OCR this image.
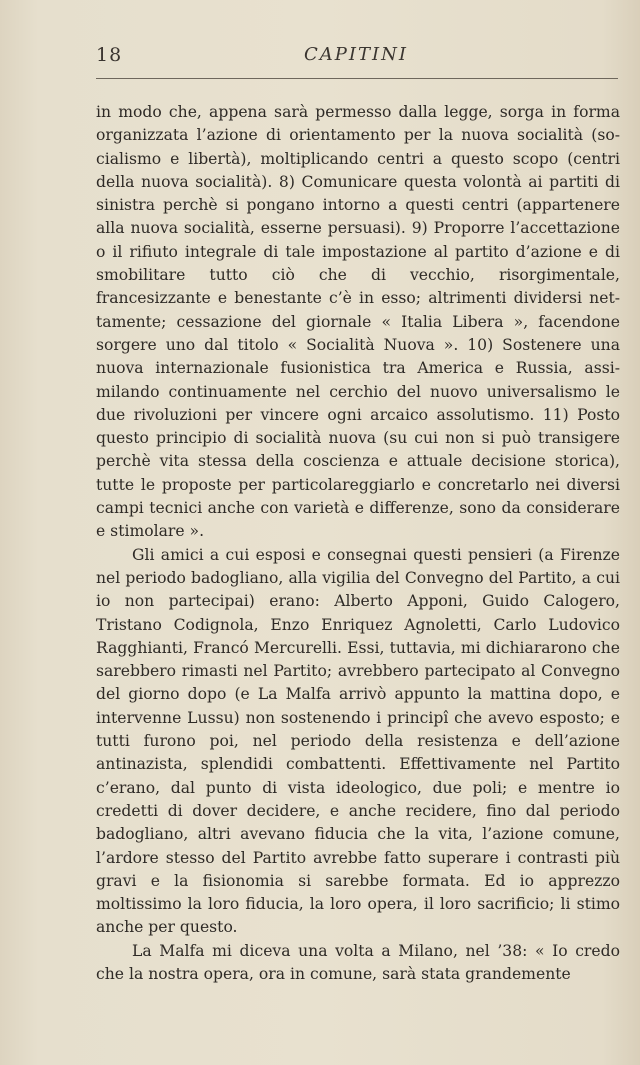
18	CAPITINI

in modo che, appena sarà permesso dalla legge, sorga in forma organizzata l’azione di orientamento per la nuova socialità (socialismo e libertà), moltiplicando centri a questo scopo (centri della nuova socialità). 8) Comunicare questa volontà ai partiti di sinistra perchè si pongano intorno a questi centri (appartenere alla nuova socialità, esserne persuasi). 9) Proporre l’accettazione o il rifiuto integrale di tale impostazione al partito d’azione e di smobilitare tutto ciò che di vecchio, risorgimentale, francesizzante e benestante c’è in esso; altrimenti dividersi nettamente; cessazione del giornale « Italia Libera », facendone sorgere uno dal titolo « Socialità Nuova ». 10) Sostenere una nuova internazionale fusionistica tra America e Russia, assimilando continuamente nel cerchio del nuovo universalismo le due rivoluzioni per vincere ogni arcaico assolutismo. 11) Posto questo principio di socialità nuova (su cui non si può transigere perchè vita stessa della coscienza e attuale decisione storica), tutte le proposte per particolareggiarlo e concretarlo nei diversi campi tecnici anche con varietà e differenze, sono da considerare e stimolare ».

Gli amici a cui esposi e consegnai questi pensieri (a Firenze nel periodo badogliano, alla vigilia del Convegno del Partito, a cui io non partecipai) erano: Alberto Apponi, Guido Calogero, Tristano Codignola, Enzo Enriquez Agnoletti, Carlo Ludovico Ragghianti, Francó Mercurelli. Essi, tuttavia, mi dichiararono che sarebbero rimasti nel Partito; avrebbero partecipato al Convegno del giorno dopo (e La Malfa arrivò appunto la mattina dopo, e intervenne Lussu) non sostenendo i principî che avevo esposto; e tutti furono poi, nel periodo della resistenza e dell’azione antinazista, splendidi combattenti. Effettivamente nel Partito c’erano, dal punto di vista ideologico, due poli; e mentre io credetti di dover decidere, e anche recidere, fino dal periodo badogliano, altri avevano fiducia che la vita, l’azione comune, l’ardore stesso del Partito avrebbe fatto superare i contrasti più gravi e la fisionomia si sarebbe formata. Ed io apprezzo moltissimo la loro fiducia, la loro opera, il loro sacrificio; li stimo anche per questo.

La Malfa mi diceva una volta a Milano, nel ’38: « Io credo che la nostra opera, ora in comune, sarà stata grandemente
